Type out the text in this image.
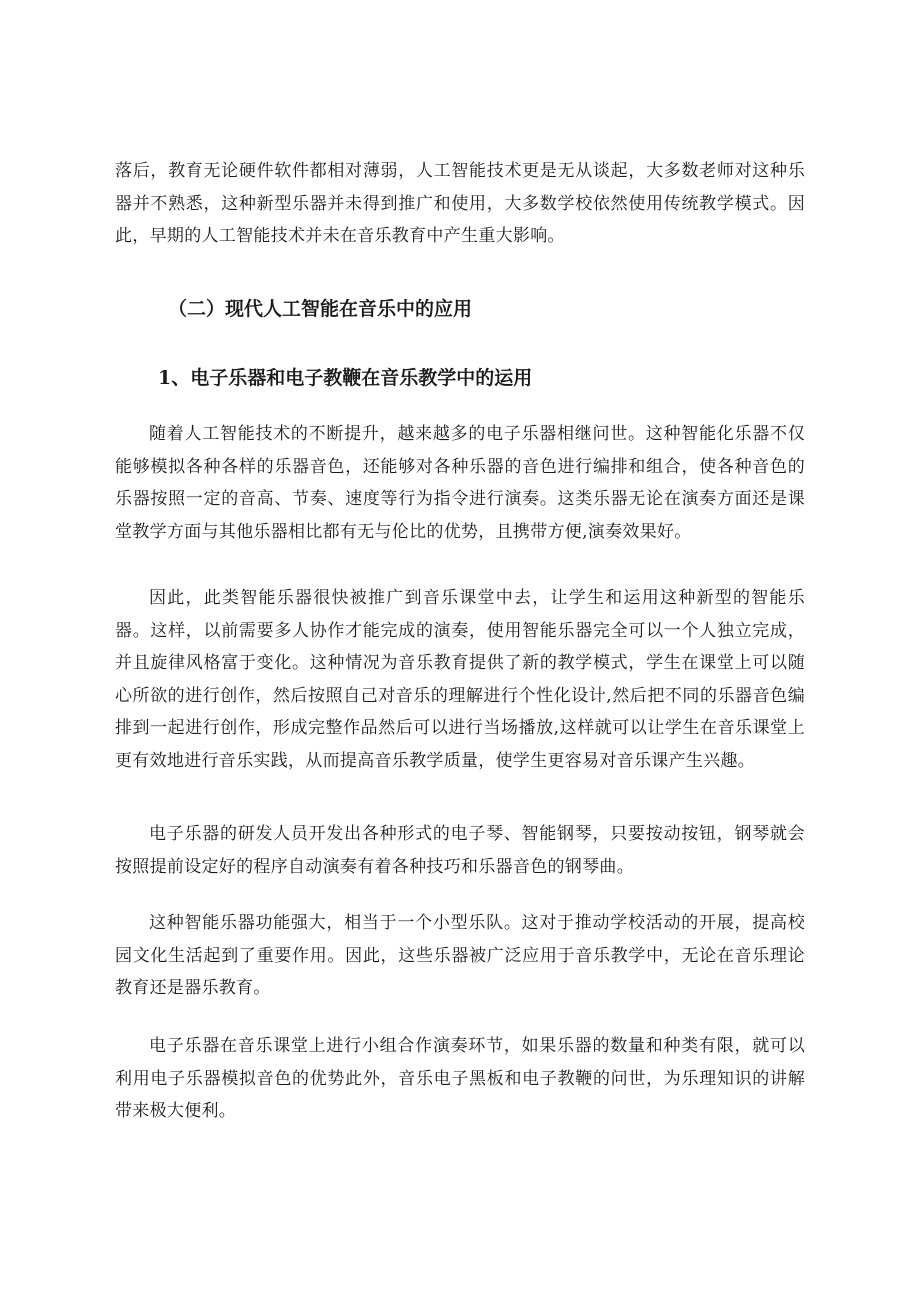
落后，教育无论硬件软件都相对薄弱，人工智能技术更是无从谈起，大多数老师对这种乐器并不熟悉，这种新型乐器并未得到推广和使用，大多数学校依然使用传统教学模式。因此，早期的人工智能技术并未在音乐教育中产生重大影响。

（二）现代人工智能在音乐中的应用
1、电子乐器和电子教鞭在音乐教学中的运用

随着人工智能技术的不断提升，越来越多的电子乐器相继问世。这种智能化乐器不仅能够模拟各种各样的乐器音色，还能够对各种乐器的音色进行编排和组合，使各种音色的乐器按照一定的音高、节奏、速度等行为指令进行演奏。这类乐器无论在演奏方面还是课堂教学方面与其他乐器相比都有无与伦比的优势，且携带方便,演奏效果好。

因此，此类智能乐器很快被推广到音乐课堂中去，让学生和运用这种新型的智能乐器。这样，以前需要多人协作才能完成的演奏，使用智能乐器完全可以一个人独立完成，并且旋律风格富于变化。这种情况为音乐教育提供了新的教学模式，学生在课堂上可以随心所欲的进行创作，然后按照自己对音乐的理解进行个性化设计,然后把不同的乐器音色编排到一起进行创作，形成完整作品然后可以进行当场播放,这样就可以让学生在音乐课堂上更有效地进行音乐实践，从而提高音乐教学质量，使学生更容易对音乐课产生兴趣。

电子乐器的研发人员开发出各种形式的电子琴、智能钢琴，只要按动按钮，钢琴就会按照提前设定好的程序自动演奏有着各种技巧和乐器音色的钢琴曲。

这种智能乐器功能强大，相当于一个小型乐队。这对于推动学校活动的开展，提高校园文化生活起到了重要作用。因此，这些乐器被广泛应用于音乐教学中，无论在音乐理论教育还是器乐教育。

电子乐器在音乐课堂上进行小组合作演奏环节，如果乐器的数量和种类有限，就可以利用电子乐器模拟音色的优势此外，音乐电子黑板和电子教鞭的问世，为乐理知识的讲解带来极大便利。
